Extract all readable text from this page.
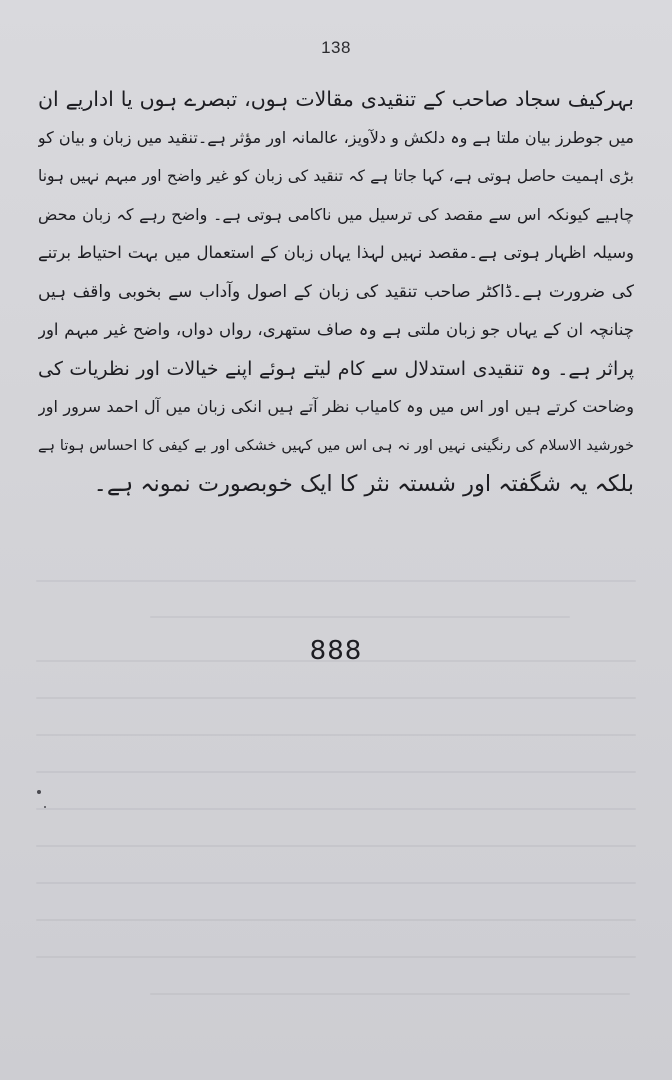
138
بہرکیف سجاد صاحب کے تنقیدی مقالات ہوں، تبصرے ہوں یا اداریے ان
میں جوطرز بیان ملتا ہے وہ دلکش و دلآویز، عالمانہ اور مؤثر ہے۔تنقید میں زبان و بیان کو
بڑی اہمیت حاصل ہوتی ہے، کہا جاتا ہے کہ تنقید کی زبان کو غیر واضح اور مبہم نہیں ہونا
چاہیے کیونکہ اس سے مقصد کی ترسیل میں ناکامی ہوتی ہے۔ واضح رہے کہ زبان محض
وسیلہ اظہار ہوتی ہے۔مقصد نہیں لہذا یہاں زبان کے استعمال میں بہت احتیاط برتنے
کی ضرورت ہے۔ڈاکٹر صاحب تنقید کی زبان کے اصول وآداب سے بخوبی واقف ہیں
چنانچہ ان کے یہاں جو زبان ملتی ہے وہ صاف ستھری، رواں دواں، واضح غیر مبہم اور
پراثر ہے۔ وہ تنقیدی استدلال سے کام لیتے ہوئے اپنے خیالات اور نظریات کی
وضاحت کرتے ہیں اور اس میں وہ کامیاب نظر آتے ہیں انکی زبان میں آل احمد سرور اور
خورشید الاسلام کی رنگینی نہیں اور نہ ہی اس میں کہیں خشکی اور بے کیفی کا احساس ہوتا ہے
بلکہ یہ شگفتہ اور شستہ نثر کا ایک خوبصورت نمونہ ہے۔
888
